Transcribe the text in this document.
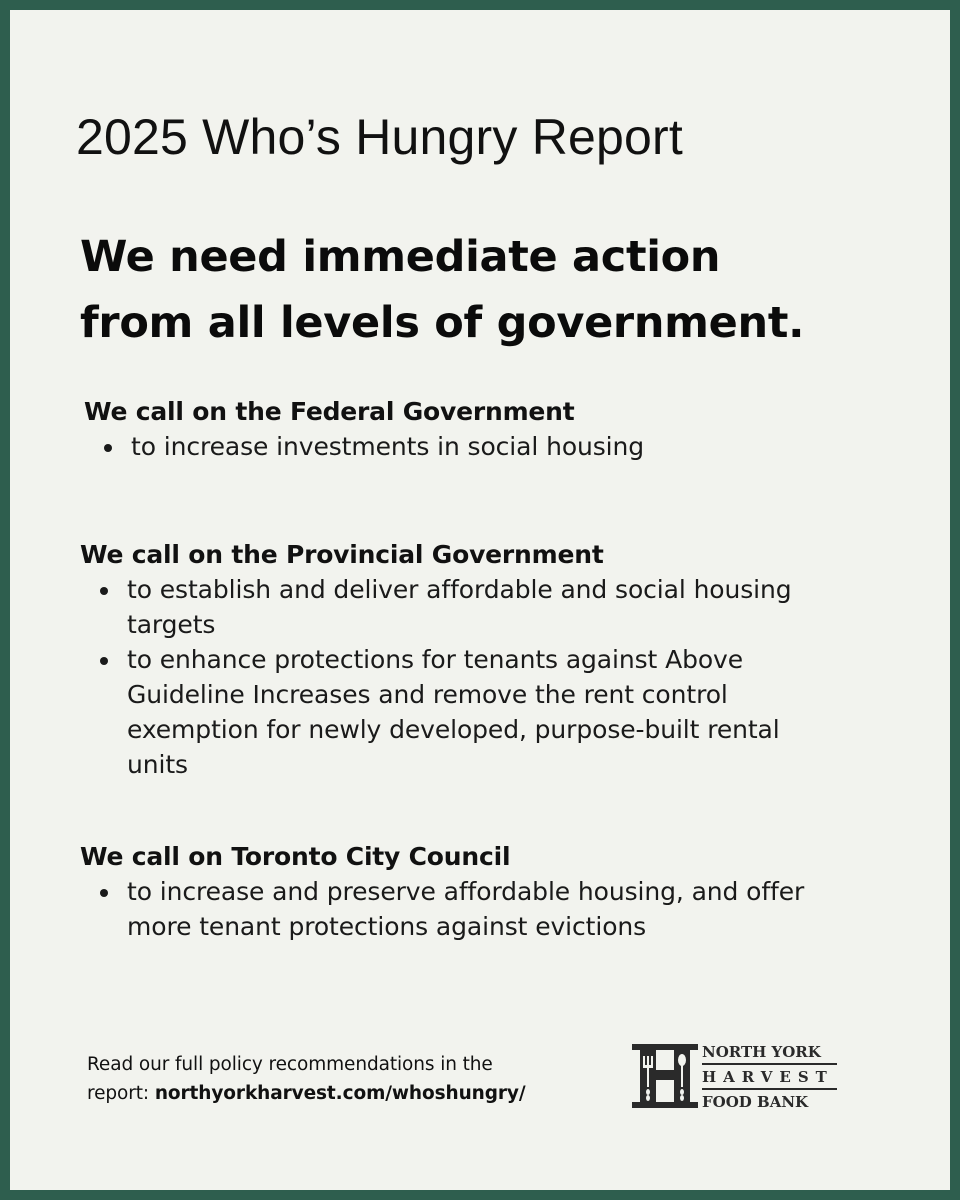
2025 Who’s Hungry Report
We need immediate action
from all levels of government.
We call on the Federal Government
to increase investments in social housing
We call on the Provincial Government
to establish and deliver affordable and social housing targets
to enhance protections for tenants against Above Guideline Increases and remove the rent control exemption for newly developed, purpose-built rental units
We call on Toronto City Council
to increase and preserve affordable housing, and offer more tenant protections against evictions
Read our full policy recommendations in the
report: northyorkharvest.com/whoshungry/
NORTH YORK
HARVEST
FOOD BANK
